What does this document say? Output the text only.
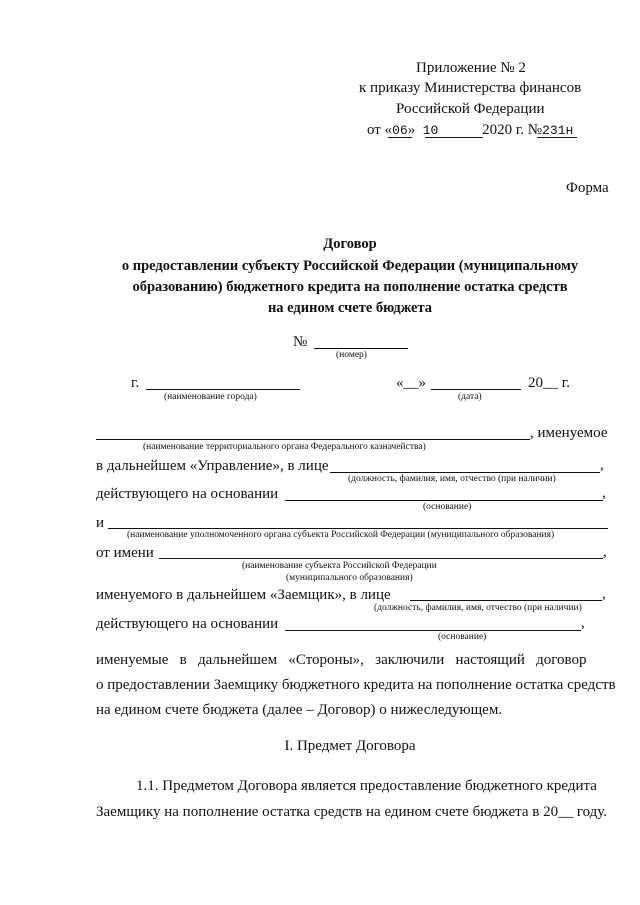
Приложение № 2
к приказу Министерства финансов
Российской Федерации
от «06» 10	2020 г. №231н
Форма
Договор
о предоставлении субъекту Российской Федерации (муниципальному
образованию) бюджетного кредита на пополнение остатка средств
на едином счете бюджета
№
(номер)
г.
(наименование города)
«__»	20__ г.
(дата)
, именуемое
(наименование территориального органа Федерального казначейства)
в дальнейшем «Управление», в лице	,
(должность, фамилия, имя, отчество (при наличии)
действующего на основании	,
(основание)
и
(наименование уполномоченного органа субъекта Российской Федерации (муниципального образования)
от имени	,
(наименование субъекта Российской Федерации
(муниципального образования)
именуемого в дальнейшем «Заемщик», в лице	,
(должность, фамилия, имя, отчество (при наличии)
действующего на основании	,
(основание)
именуемые   в   дальнейшем   «Стороны»,   заключили   настоящий   договор
о предоставлении Заемщику бюджетного кредита на пополнение остатка средств
на едином счете бюджета (далее – Договор) о нижеследующем.
I. Предмет Договора
1.1. Предметом Договора является предоставление бюджетного кредита
Заемщику на пополнение остатка средств на едином счете бюджета в 20__ году.
